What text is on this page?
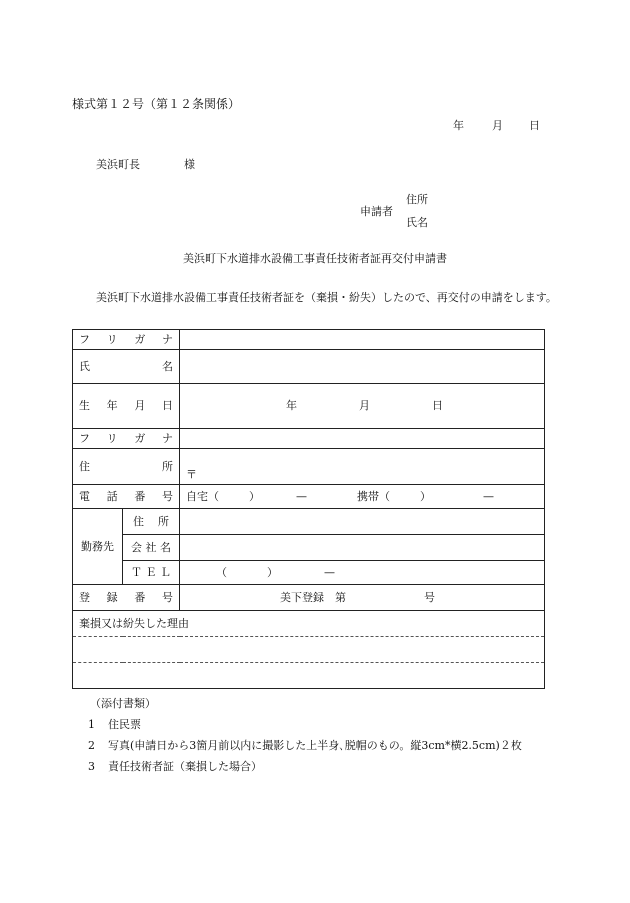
様式第１２号（第１２条関係）
年	月 日
美浜町長	様
申請者
住所
氏名
美浜町下水道排水設備工事責任技術者証再交付申請書
美浜町下水道排水設備工事責任技術者証を（棄損・紛失）したので、再交付の申請をします。
フ リ ガ ナ		

氏 名		

生 年 月 日		年 月 日

フ リ ガ ナ		

住 所		〒

電 話 番 号		自宅（ ） — 携帯（ ） —
勤務先	住 所	

	会 社 名	

	Ｔ Ｅ Ｌ	（ ） —

登 録 番 号		美下登録　第 号
棄損又は紛失した理由		

（添付書類）
1 住民票
2 写真(申請日から3箇月前以内に撮影した上半身､脱帽のもの。縦3cm*横2.5cm)２枚
3 責任技術者証（棄損した場合）
